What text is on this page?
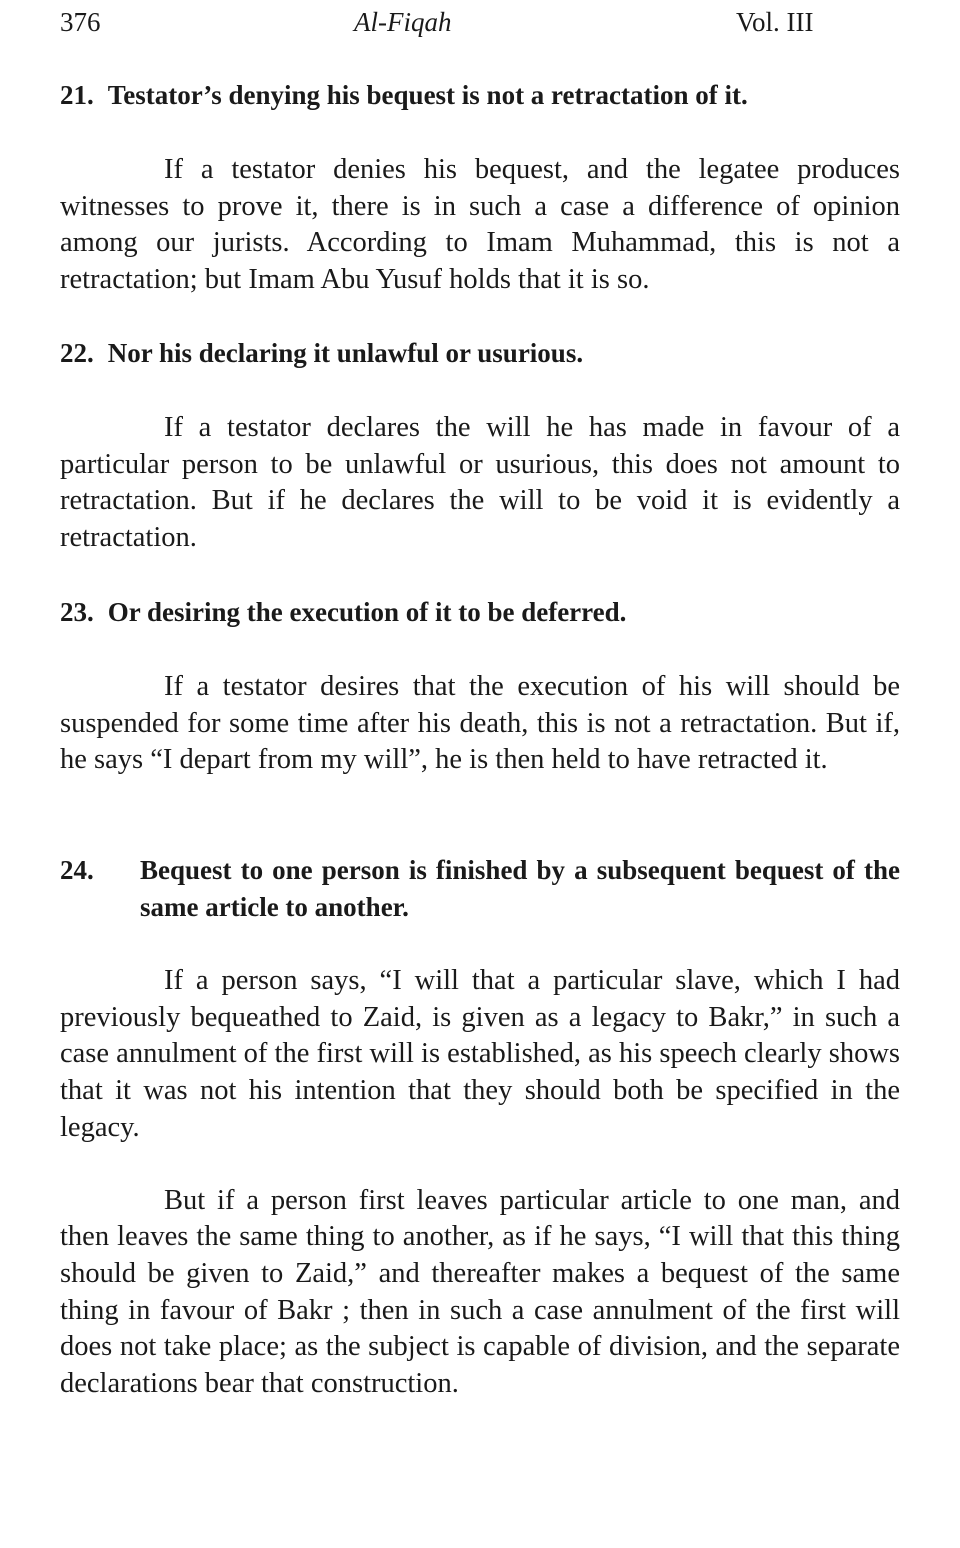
376	Al-Fiqah	Vol. III
21. Testator’s denying his bequest is not a retractation of it.

If a testator denies his bequest, and the legatee produces witnesses to prove it, there is in such a case a difference of opinion among our jurists. According to Imam Muhammad, this is not a retractation; but Imam Abu Yusuf holds that it is so.

22. Nor his declaring it unlawful or usurious.

If a testator declares the will he has made in favour of a particular person to be unlawful or usurious, this does not amount to retractation. But if he declares the will to be void it is evidently a retractation.

23. Or desiring the execution of it to be deferred.

If a testator desires that the execution of his will should be suspended for some time after his death, this is not a retractation. But if, he says “I depart from my will”, he is then held to have retracted it.

24.	Bequest to one person is finished by a subsequent bequest of the same article to another.

If a person says, “I will that a particular slave, which I had previously bequeathed to Zaid, is given as a legacy to Bakr,” in such a case annulment of the first will is established, as his speech clearly shows that it was not his intention that they should both be specified in the legacy.

But if a person first leaves particular article to one man, and then leaves the same thing to another, as if he says, “I will that this thing should be given to Zaid,” and thereafter makes a bequest of the same thing in favour of Bakr ; then in such a case annulment of the first will does not take place; as the subject is capable of division, and the separate declarations bear that construction.
